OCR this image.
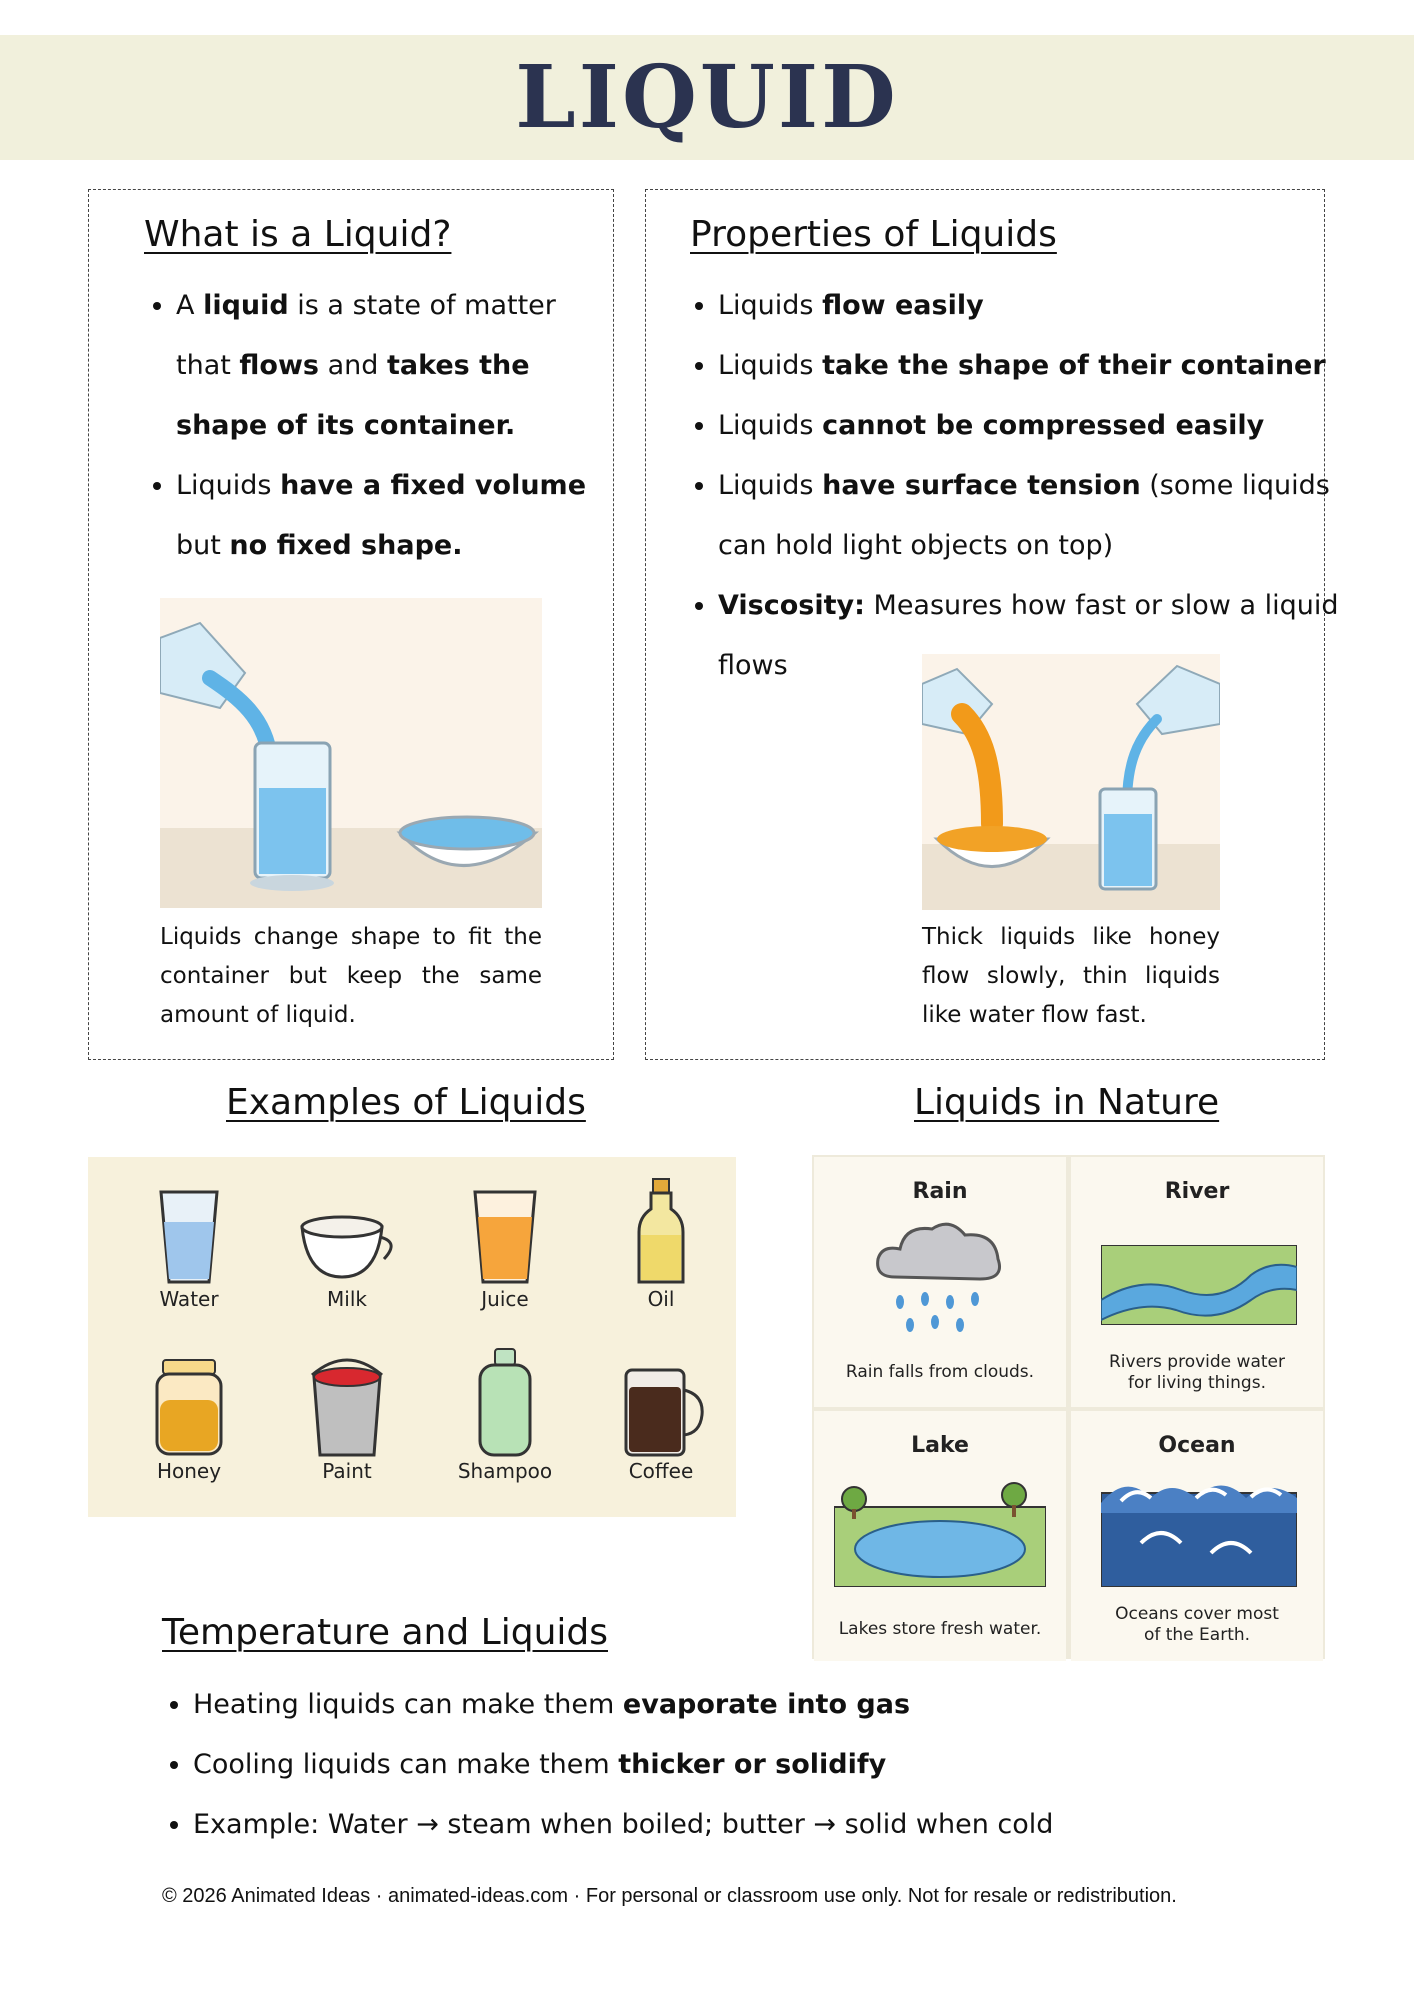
LIQUID
What is a Liquid?
• A liquid is a state of matter that flows and takes the shape of its container.
• Liquids have a fixed volume but no fixed shape.
Liquids change shape to fit the container but keep the same amount of liquid.
Properties of Liquids
• Liquids flow easily
• Liquids take the shape of their container
• Liquids cannot be compressed easily
• Liquids have surface tension (some liquids can hold light objects on top)
• Viscosity: Measures how fast or slow a liquid flows
Thick liquids like honey flow slowly, thin liquids like water flow fast.
Examples of Liquids
Water	Milk	Juice	Oil
Honey	Paint	Shampoo	Coffee
Liquids in Nature
Rain
Rain falls from clouds.
River
Rivers provide water for living things.
Lake
Lakes store fresh water.
Ocean
Oceans cover most of the Earth.
Temperature and Liquids
• Heating liquids can make them evaporate into gas
• Cooling liquids can make them thicker or solidify
• Example: Water → steam when boiled; butter → solid when cold
© 2026 Animated Ideas · animated-ideas.com · For personal or classroom use only. Not for resale or redistribution.
